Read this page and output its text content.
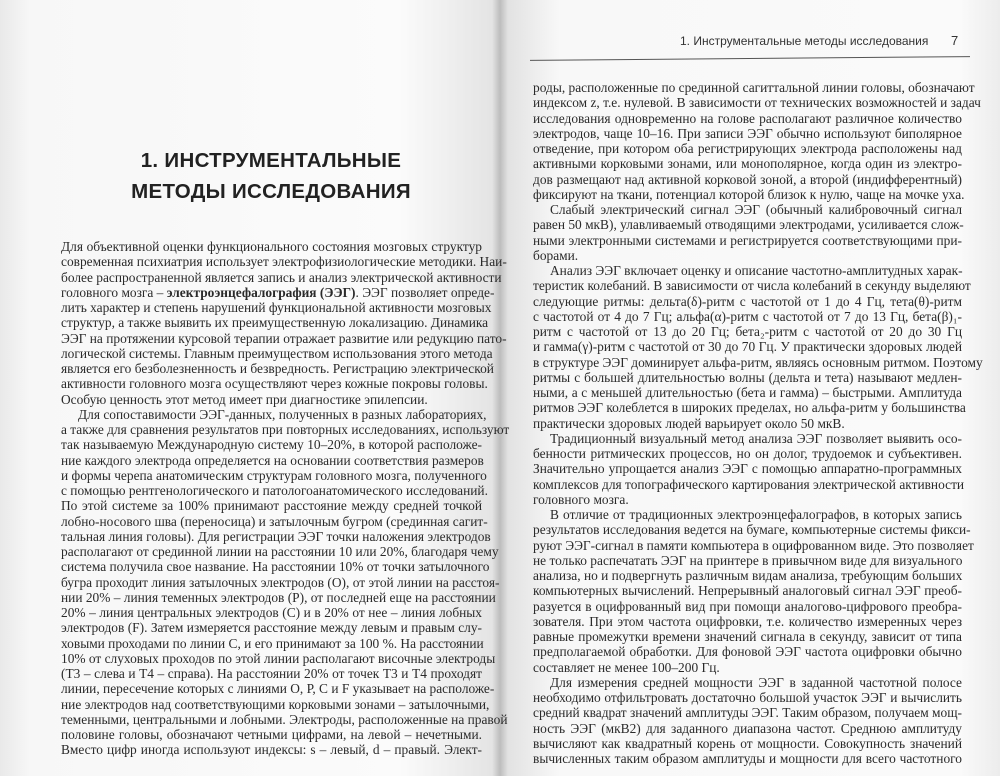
1. ИНСТРУМЕНТАЛЬНЫЕ
МЕТОДЫ ИССЛЕДОВАНИЯ
Для объективной оценки функционального состояния мозговых структур
современная психиатрия использует электрофизиологические методики. Наи-
более распространенной является запись и анализ электрической активности
головного мозга – электроэнцефалография (ЭЭГ). ЭЭГ позволяет опреде-
лить характер и степень нарушений функциональной активности мозговых
структур, а также выявить их преимущественную локализацию. Динамика
ЭЭГ на протяжении курсовой терапии отражает развитие или редукцию пато-
логической системы. Главным преимуществом использования этого метода
является его безболезненность и безвредность. Регистрацию электрической
активности головного мозга осуществляют через кожные покровы головы.
Особую ценность этот метод имеет при диагностике эпилепсии.
Для сопоставимости ЭЭГ-данных, полученных в разных лабораториях,
а также для сравнения результатов при повторных исследованиях, используют
так называемую Международную систему 10–20%, в которой расположе-
ние каждого электрода определяется на основании соответствия размеров
и формы черепа анатомическим структурам головного мозга, полученного
с помощью рентгенологического и патологоанатомического исследований.
По этой системе за 100% принимают расстояние между средней точкой
лобно-носового шва (переносица) и затылочным бугром (срединная сагит-
тальная линия головы). Для регистрации ЭЭГ точки наложения электродов
располагают от срединной линии на расстоянии 10 или 20%, благодаря чему
система получила свое название. На расстоянии 10% от точки затылочного
бугра проходит линия затылочных электродов (О), от этой линии на расстоя-
нии 20% – линия теменных электродов (Р), от последней еще на расстоянии
20% – линия центральных электродов (С) и в 20% от нее – линия лобных
электродов (F). Затем измеряется расстояние между левым и правым слу-
ховыми проходами по линии С, и его принимают за 100 %. На расстоянии
10% от слуховых проходов по этой линии располагают височные электроды
(Т3 – слева и Т4 – справа). На расстоянии 20% от точек Т3 и Т4 проходят
линии, пересечение которых с линиями О, Р, С и F указывает на расположе-
ние электродов над соответствующими корковыми зонами – затылочными,
теменными, центральными и лобными. Электроды, расположенные на правой
половине головы, обозначают четными цифрами, на левой – нечетными.
Вместо цифр иногда используют индексы: s – левый, d – правый. Элект-
1. Инструментальные методы исследования 7
роды, расположенные по срединной сагиттальной линии головы, обозначают
индексом z, т.е. нулевой. В зависимости от технических возможностей и задач
исследования одновременно на голове располагают различное количество
электродов, чаще 10–16. При записи ЭЭГ обычно используют биполярное
отведение, при котором оба регистрирующих электрода расположены над
активными корковыми зонами, или монополярное, когда один из электро-
дов размещают над активной корковой зоной, а второй (индифферентный)
фиксируют на ткани, потенциал которой близок к нулю, чаще на мочке уха.
Слабый электрический сигнал ЭЭГ (обычный калибровочный сигнал
равен 50 мкВ), улавливаемый отводящими электродами, усиливается слож-
ными электронными системами и регистрируется соответствующими при-
борами.
Анализ ЭЭГ включает оценку и описание частотно-амплитудных харак-
теристик колебаний. В зависимости от числа колебаний в секунду выделяют
следующие ритмы: дельта(δ)-ритм с частотой от 1 до 4 Гц, тета(θ)-ритм
с частотой от 4 до 7 Гц; альфа(α)-ритм с частотой от 7 до 13 Гц, бета(β)₁-
ритм с частотой от 13 до 20 Гц; бета₂-ритм с частотой от 20 до 30 Гц
и гамма(γ)-ритм с частотой от 30 до 70 Гц. У практически здоровых людей
в структуре ЭЭГ доминирует альфа-ритм, являясь основным ритмом. Поэтому
ритмы с большей длительностью волны (дельта и тета) называют медлен-
ными, а с меньшей длительностью (бета и гамма) – быстрыми. Амплитуда
ритмов ЭЭГ колеблется в широких пределах, но альфа-ритм у большинства
практически здоровых людей варьирует около 50 мкВ.
Традиционный визуальный метод анализа ЭЭГ позволяет выявить осо-
бенности ритмических процессов, но он долог, трудоемок и субъективен.
Значительно упрощается анализ ЭЭГ с помощью аппаратно-программных
комплексов для топографического картирования электрической активности
головного мозга.
В отличие от традиционных электроэнцефалографов, в которых запись
результатов исследования ведется на бумаге, компьютерные системы фикси-
руют ЭЭГ-сигнал в памяти компьютера в оцифрованном виде. Это позволяет
не только распечатать ЭЭГ на принтере в привычном виде для визуального
анализа, но и подвергнуть различным видам анализа, требующим больших
компьютерных вычислений. Непрерывный аналоговый сигнал ЭЭГ преоб-
разуется в оцифрованный вид при помощи аналогово-цифрового преобра-
зователя. При этом частота оцифровки, т.е. количество измеренных через
равные промежутки времени значений сигнала в секунду, зависит от типа
предполагаемой обработки. Для фоновой ЭЭГ частота оцифровки обычно
составляет не менее 100–200 Гц.
Для измерения средней мощности ЭЭГ в заданной частотной полосе
необходимо отфильтровать достаточно большой участок ЭЭГ и вычислить
средний квадрат значений амплитуды ЭЭГ. Таким образом, получаем мощ-
ность ЭЭГ (мкВ2) для заданного диапазона частот. Среднюю амплитуду
вычисляют как квадратный корень от мощности. Совокупность значений
вычисленных таким образом амплитуды и мощности для всего частотного
